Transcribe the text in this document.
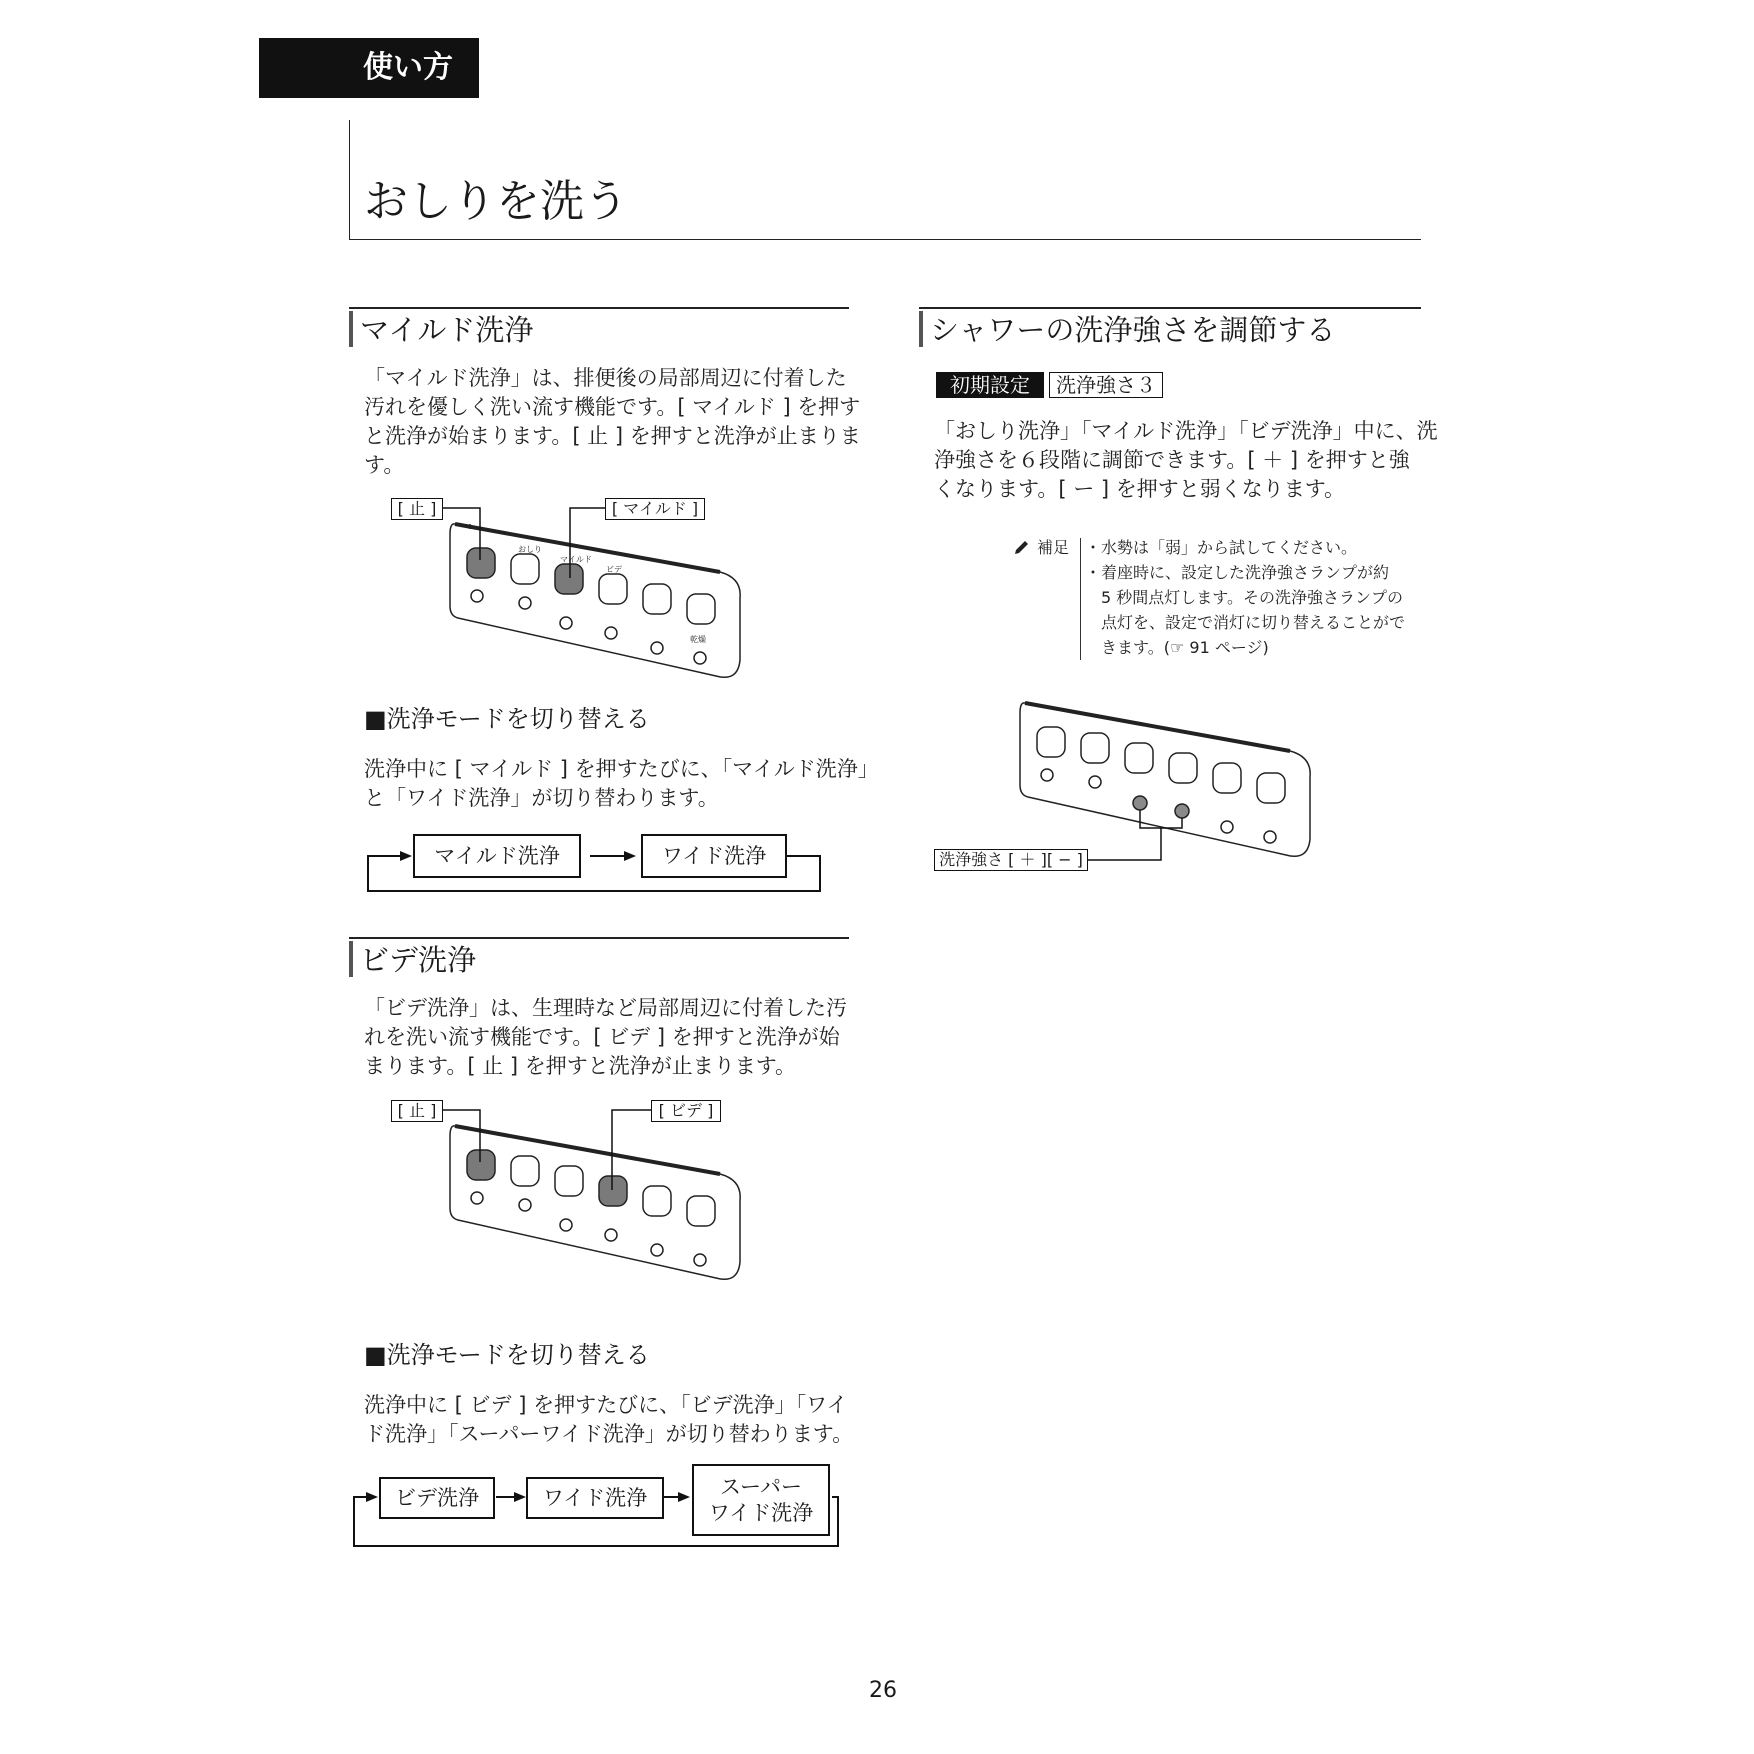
使い方
おしりを洗う
マイルド洗浄
「マイルド洗浄」は、排便後の局部周辺に付着した
汚れを優しく洗い流す機能です。[ マイルド ] を押す
と洗浄が始まります。[ 止 ] を押すと洗浄が止まりま
す。
おしり
マイルド
ビデ
乾燥
[ 止 ]	[ マイルド ]
■洗浄モードを切り替える
洗浄中に [ マイルド ] を押すたびに、「マイルド洗浄」
と「ワイド洗浄」が切り替わります。
マイルド洗浄	ワイド洗浄
ビデ洗浄
「ビデ洗浄」は、生理時など局部周辺に付着した汚
れを洗い流す機能です。[ ビデ ] を押すと洗浄が始
まります。[ 止 ] を押すと洗浄が止まります。
[ 止 ]	[ ビデ ]
■洗浄モードを切り替える
洗浄中に [ ビデ ] を押すたびに、「ビデ洗浄」「ワイ
ド洗浄」「スーパーワイド洗浄」が切り替わります。
ビデ洗浄	ワイド洗浄	スーパー
ワイド洗浄
シャワーの洗浄強さを調節する
初期設定	洗浄強さ３
「おしり洗浄」「マイルド洗浄」「ビデ洗浄」中に、洗
浄強さを６段階に調節できます。[ ＋ ] を押すと強
くなります。[ ー ] を押すと弱くなります。
補足 ・水勢は「弱」から試してください。
・着座時に、設定した洗浄強さランプが約
　5 秒間点灯します。その洗浄強さランプの
　点灯を、設定で消灯に切り替えることがで
　きます。(☞ 91 ページ)
洗浄強さ [ ＋ ][ − ]
26
